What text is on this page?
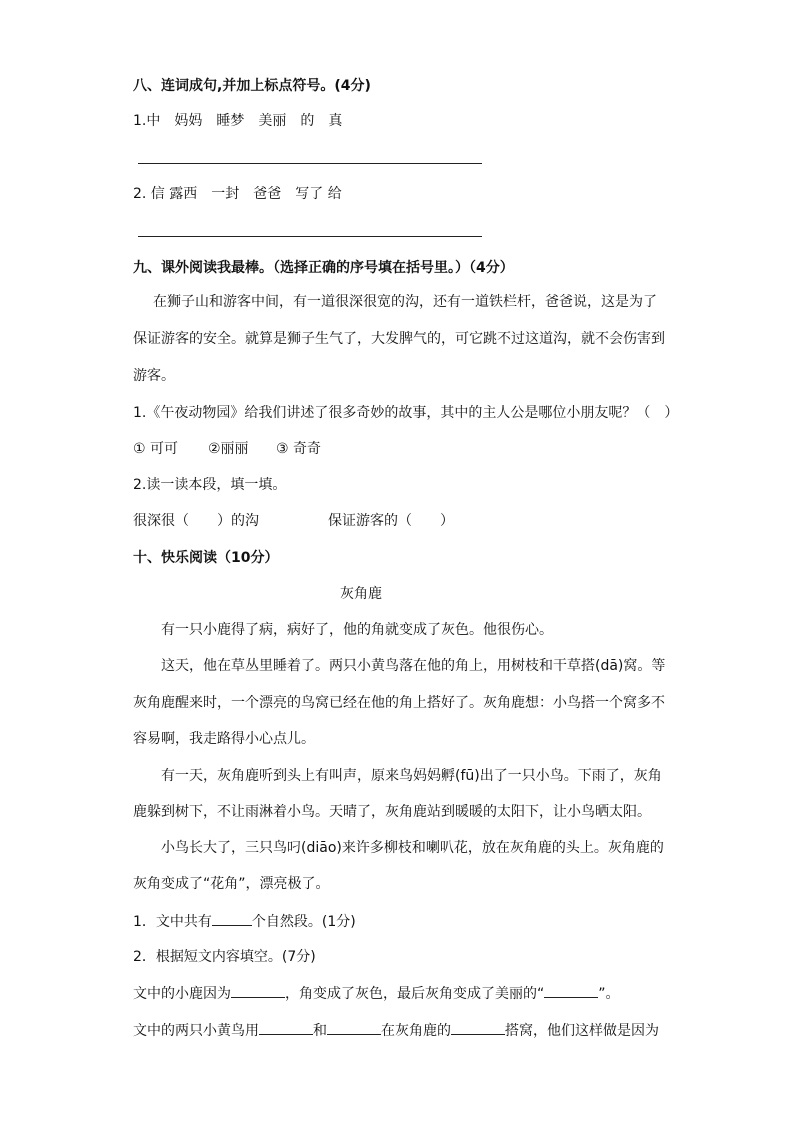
八、连词成句,并加上标点符号。(4分)
1.中　妈妈　睡梦　美丽　的　真
2. 信 露西　一封　爸爸　写了 给
九、课外阅读我最棒。（选择正确的序号填在括号里。）（4分）
在狮子山和游客中间，有一道很深很宽的沟，还有一道铁栏杆，爸爸说，这是为了
保证游客的安全。就算是狮子生气了，大发脾气的，可它跳不过这道沟，就不会伤害到
游客。
1.《午夜动物园》给我们讲述了很多奇妙的故事，其中的主人公是哪位小朋友呢？（　）
① 可可 ②丽丽 ③ 奇奇
2.读一读本段，填一填。
很深很（　　）的沟	保证游客的（　　）
十、快乐阅读（10分）
灰角鹿
有一只小鹿得了病，病好了，他的角就变成了灰色。他很伤心。
这天，他在草丛里睡着了。两只小黄鸟落在他的角上，用树枝和干草搭(dā)窝。等
灰角鹿醒来时，一个漂亮的鸟窝已经在他的角上搭好了。灰角鹿想：小鸟搭一个窝多不
容易啊，我走路得小心点儿。
有一天，灰角鹿听到头上有叫声，原来鸟妈妈孵(fū)出了一只小鸟。下雨了，灰角
鹿躲到树下，不让雨淋着小鸟。天晴了，灰角鹿站到暖暖的太阳下，让小鸟晒太阳。
小鸟长大了，三只鸟叼(diāo)来许多柳枝和喇叭花，放在灰角鹿的头上。灰角鹿的
灰角变成了“花角”，漂亮极了。
1．文中共有	个自然段。(1分)
2．根据短文内容填空。(7分)
文中的小鹿因为	，角变成了灰色，最后灰角变成了美丽的“	”。
文中的两只小黄鸟用	和	在灰角鹿的	搭窝，他们这样做是因为
